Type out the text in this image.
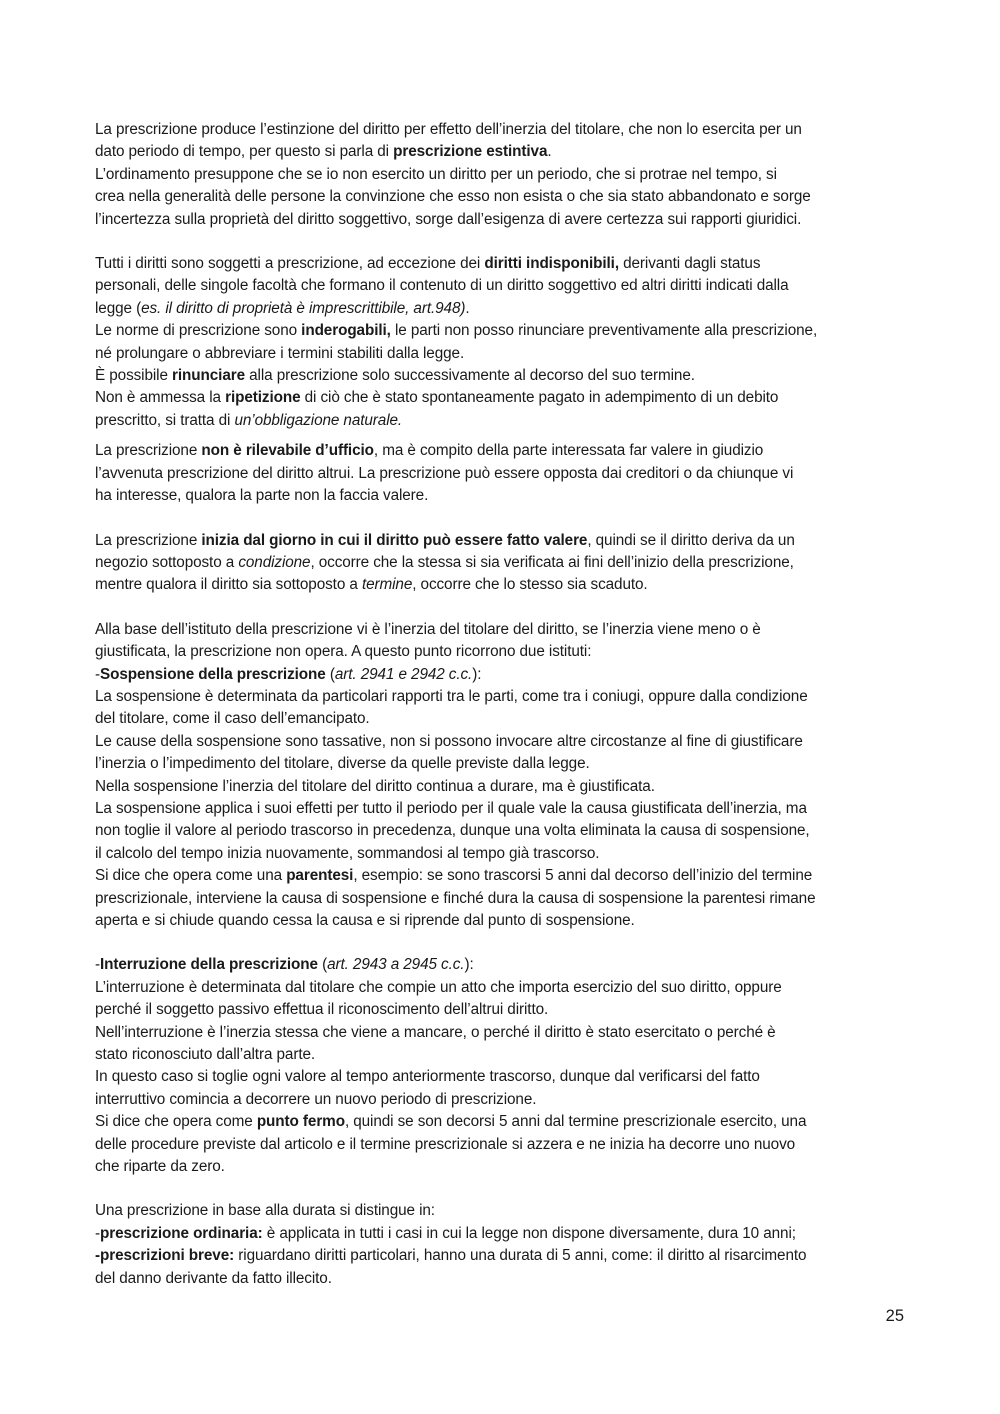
La prescrizione produce l’estinzione del diritto per effetto dell’inerzia del titolare, che non lo esercita per un
dato periodo di tempo, per questo si parla di prescrizione estintiva.
L’ordinamento presuppone che se io non esercito un diritto per un periodo, che si protrae nel tempo, si
crea nella generalità delle persone la convinzione che esso non esista o che sia stato abbandonato e sorge
l’incertezza sulla proprietà del diritto soggettivo, sorge dall’esigenza di avere certezza sui rapporti giuridici.
Tutti i diritti sono soggetti a prescrizione, ad eccezione dei diritti indisponibili, derivanti dagli status
personali, delle singole facoltà che formano il contenuto di un diritto soggettivo ed altri diritti indicati dalla
legge (es. il diritto di proprietà è imprescrittibile, art.948).
Le norme di prescrizione sono inderogabili, le parti non posso rinunciare preventivamente alla prescrizione,
né prolungare o abbreviare i termini stabiliti dalla legge.
È possibile rinunciare alla prescrizione solo successivamente al decorso del suo termine.
Non è ammessa la ripetizione di ciò che è stato spontaneamente pagato in adempimento di un debito
prescritto, si tratta di un’obbligazione naturale.
La prescrizione non è rilevabile d’ufficio, ma è compito della parte interessata far valere in giudizio
l’avvenuta prescrizione del diritto altrui. La prescrizione può essere opposta dai creditori o da chiunque vi
ha interesse, qualora la parte non la faccia valere.
La prescrizione inizia dal giorno in cui il diritto può essere fatto valere, quindi se il diritto deriva da un
negozio sottoposto a condizione, occorre che la stessa si sia verificata ai fini dell’inizio della prescrizione,
mentre qualora il diritto sia sottoposto a termine, occorre che lo stesso sia scaduto.
Alla base dell’istituto della prescrizione vi è l’inerzia del titolare del diritto, se l’inerzia viene meno o è
giustificata, la prescrizione non opera. A questo punto ricorrono due istituti:
-Sospensione della prescrizione (art. 2941 e 2942 c.c.):
La sospensione è determinata da particolari rapporti tra le parti, come tra i coniugi, oppure dalla condizione
del titolare, come il caso dell’emancipato.
Le cause della sospensione sono tassative, non si possono invocare altre circostanze al fine di giustificare
l’inerzia o l’impedimento del titolare, diverse da quelle previste dalla legge.
Nella sospensione l’inerzia del titolare del diritto continua a durare, ma è giustificata.
La sospensione applica i suoi effetti per tutto il periodo per il quale vale la causa giustificata dell’inerzia, ma
non toglie il valore al periodo trascorso in precedenza, dunque una volta eliminata la causa di sospensione,
il calcolo del tempo inizia nuovamente, sommandosi al tempo già trascorso.
Si dice che opera come una parentesi, esempio: se sono trascorsi 5 anni dal decorso dell’inizio del termine
prescrizionale, interviene la causa di sospensione e finché dura la causa di sospensione la parentesi rimane
aperta e si chiude quando cessa la causa e si riprende dal punto di sospensione.
-Interruzione della prescrizione (art. 2943 a 2945 c.c.):
L’interruzione è determinata dal titolare che compie un atto che importa esercizio del suo diritto, oppure
perché il soggetto passivo effettua il riconoscimento dell’altrui diritto.
Nell’interruzione è l’inerzia stessa che viene a mancare, o perché il diritto è stato esercitato o perché è
stato riconosciuto dall’altra parte.
In questo caso si toglie ogni valore al tempo anteriormente trascorso, dunque dal verificarsi del fatto
interruttivo comincia a decorrere un nuovo periodo di prescrizione.
Si dice che opera come punto fermo, quindi se son decorsi 5 anni dal termine prescrizionale esercito, una
delle procedure previste dal articolo e il termine prescrizionale si azzera e ne inizia ha decorre uno nuovo
che riparte da zero.
Una prescrizione in base alla durata si distingue in:
-prescrizione ordinaria: è applicata in tutti i casi in cui la legge non dispone diversamente, dura 10 anni;
-prescrizioni breve: riguardano diritti particolari, hanno una durata di 5 anni, come: il diritto al risarcimento
del danno derivante da fatto illecito.
25
